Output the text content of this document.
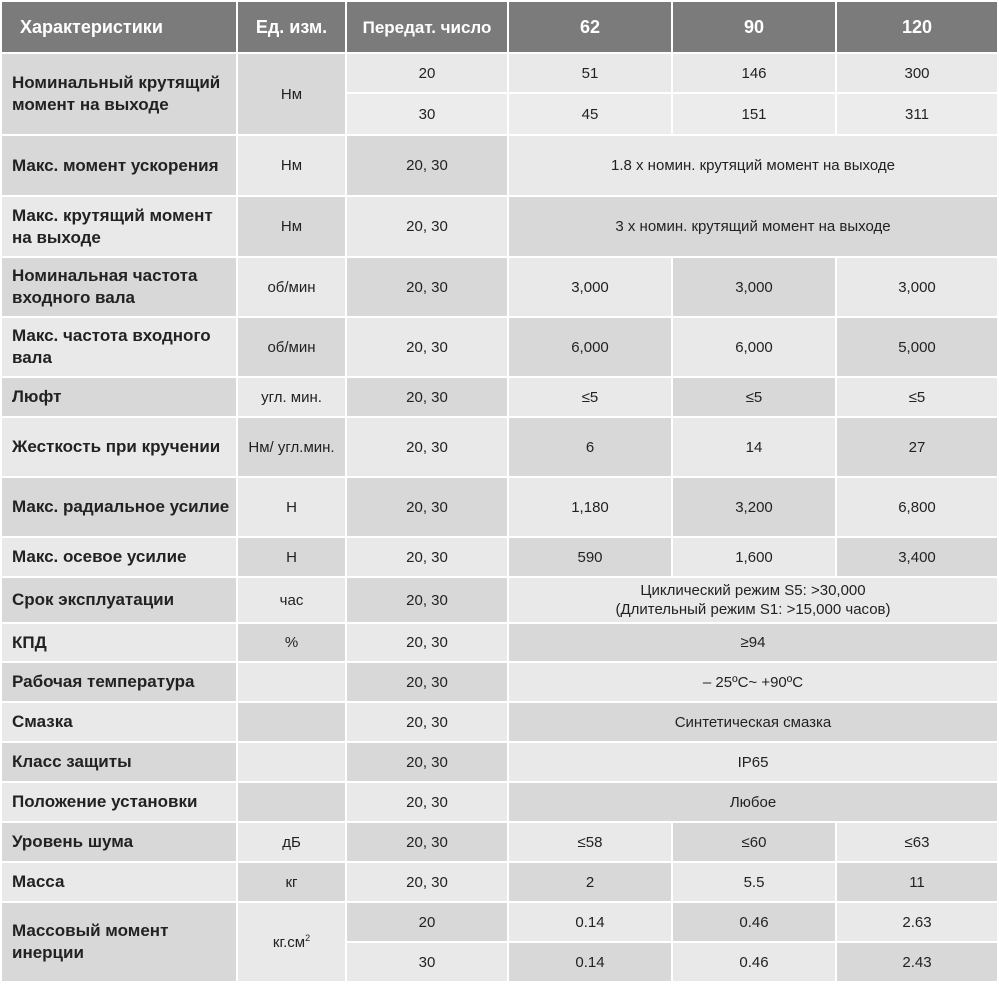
Характеристики	Ед. изм.	Передат. число	62	90	120
Номинальный крутящий момент на выходе	Нм	20	51	146	300
		30	45	151	311
Макс. момент ускорения	Нм	20, 30	1.8 x номин. крутяций момент на выходе		
Макс. крутящий момент на выходе	Нм	20, 30	3 x номин. крутящий момент на выходе		
Номинальная частота входного вала	об/мин	20, 30	3,000	3,000	3,000
Макс. частота входного вала	об/мин	20, 30	6,000	6,000	5,000
Люфт	угл. мин.	20, 30	≤5	≤5	≤5
Жесткость при кручении	Нм/ угл.мин.	20, 30	6	14	27
Макс. радиальное усилие	Н	20, 30	1,180	3,200	6,800
Макс. осевое усилие	Н	20, 30	590	1,600	3,400
Срок эксплуатации	час	20, 30	Циклический режим S5: >30,000
(Длительный режим S1: >15,000 часов)		

КПД	%	20, 30	≥94		
Рабочая температура		20, 30	– 25ºC~ +90ºC		
Смазка		20, 30	Синтетическая смазка		
Класс защиты		20, 30	IP65		
Положение установки		20, 30	Любое		
Уровень шума	дБ	20, 30	≤58	≤60	≤63
Масса	кг	20, 30	2	5.5	11
Массовый момент инерции	$кг.см^2$	20	0.14	0.46	2.63
		30	0.14	0.46	2.43
